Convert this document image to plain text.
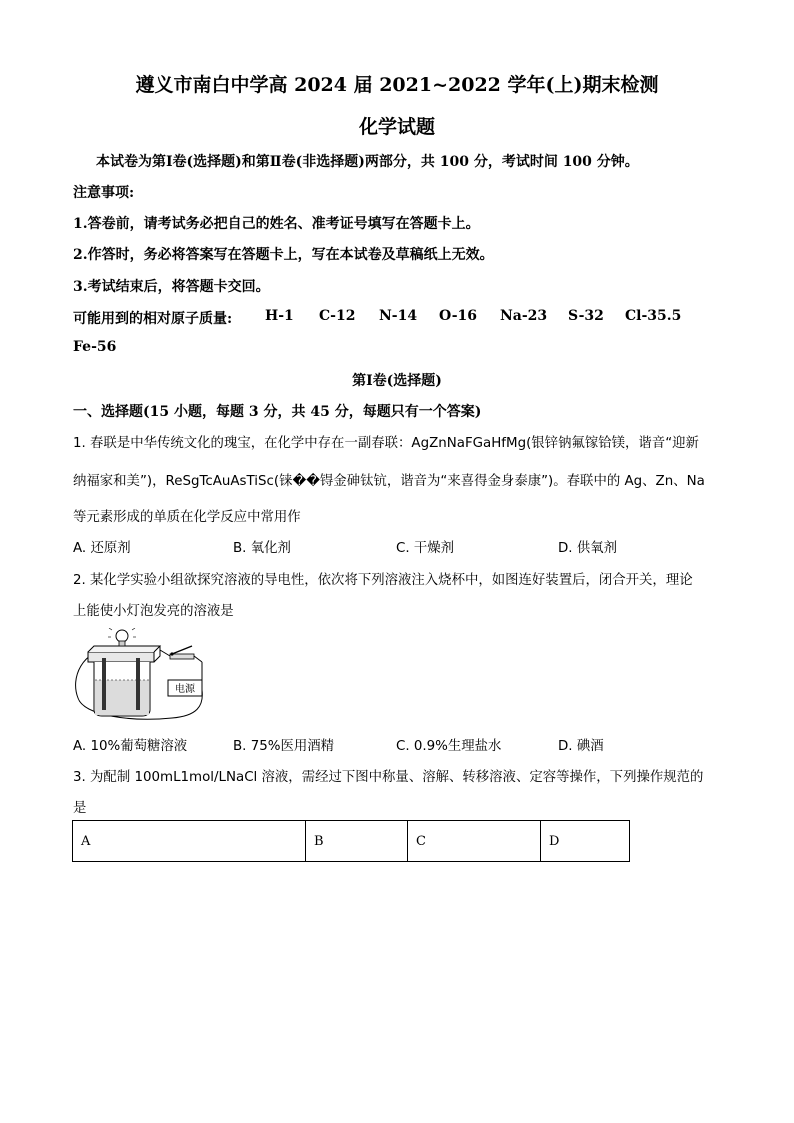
遵义市南白中学高 2024 届 2021~2022 学年(上)期末检测
化学试题
本试卷为第Ⅰ卷(选择题)和第Ⅱ卷(非选择题)两部分，共 100 分，考试时间 100 分钟。
注意事项:
1.答卷前，请考试务必把自己的姓名、准考证号填写在答题卡上。
2.作答时，务必将答案写在答题卡上，写在本试卷及草稿纸上无效。
3.考试结束后，将答题卡交回。
可能用到的相对原子质量:	H-1	C-12	N-14	O-16	Na-23	S-32	Cl-35.5
Fe-56
第Ⅰ卷(选择题)
一、选择题(15 小题，每题 3 分，共 45 分，每题只有一个答案)
1. 春联是中华传统文化的瑰宝，在化学中存在一副春联：AgZnNaFGaHfMg(银锌钠氟镓铪镁，谐音“迎新
纳福家和美”)，ReSgTcAuAsTiSc(铼��锝金砷钛钪，谐音为“来喜得金身泰康”)。春联中的 Ag、Zn、Na
等元素形成的单质在化学反应中常用作
A. 还原剂	B. 氧化剂	C. 干燥剂	D. 供氧剂
2. 某化学实验小组欲探究溶液的导电性，依次将下列溶液注入烧杯中，如图连好装置后，闭合开关，理论
上能使小灯泡发亮的溶液是
电源
A. 10%葡萄糖溶液	B. 75%医用酒精	C. 0.9%生理盐水	D. 碘酒
3. 为配制 100mL1mol/LNaCl 溶液，需经过下图中称量、溶解、转移溶液、定容等操作，下列操作规范的
是
A	B	C	D
